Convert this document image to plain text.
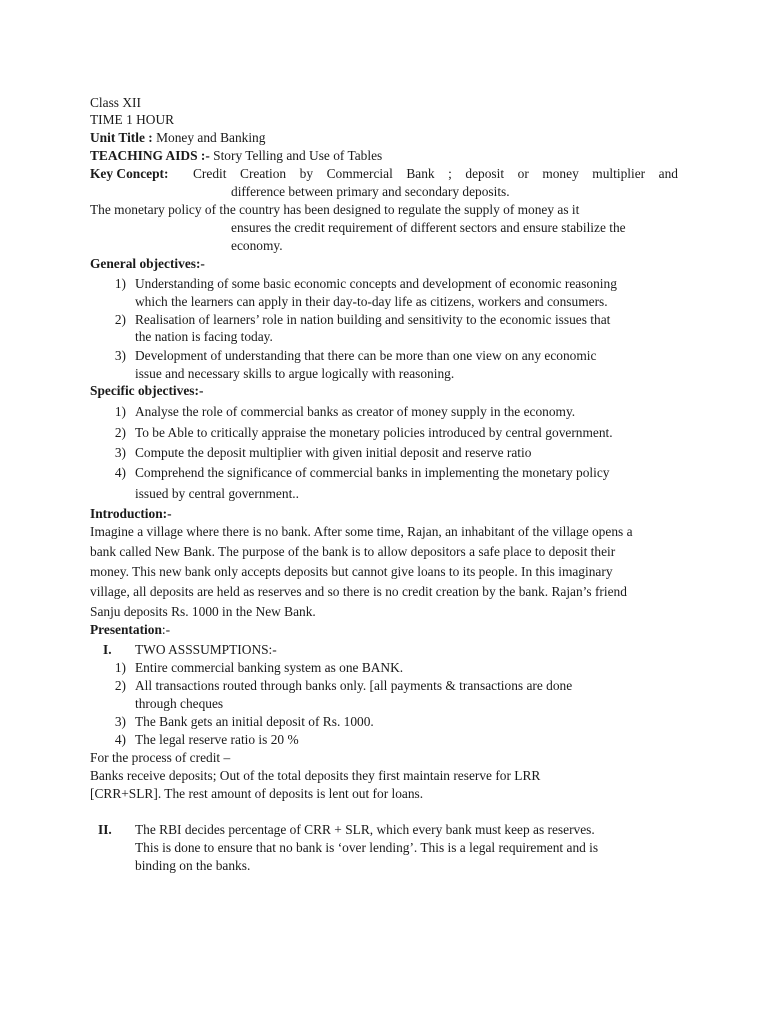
Class XII
TIME 1 HOUR
Unit Title : Money and Banking
TEACHING AIDS :- Story Telling and Use of Tables
Key Concept: Credit Creation by Commercial Bank ; deposit or money multiplier and
difference between primary and secondary deposits.
The monetary policy of the country has been designed to regulate the supply of money as it
ensures the credit requirement of different sectors and ensure stabilize the
economy.
General objectives:-
1) Understanding of some basic economic concepts and development of economic reasoning
which the learners can apply in their day-to-day life as citizens, workers and consumers.
2) Realisation of learners’ role in nation building and sensitivity to the economic issues that
the nation is facing today.
3) Development of understanding that there can be more than one view on any economic
issue and necessary skills to argue logically with reasoning.
Specific objectives:-
1) Analyse the role of commercial banks as creator of money supply in the economy.
2) To be Able to critically appraise the monetary policies introduced by central government.
3) Compute the deposit multiplier with given initial deposit and reserve ratio
4) Comprehend the significance of commercial banks in implementing the monetary policy
issued by central government..
Introduction:-
Imagine a village where there is no bank. After some time, Rajan, an inhabitant of the village opens a
bank called New Bank. The purpose of the bank is to allow depositors a safe place to deposit their
money. This new bank only accepts deposits but cannot give loans to its people. In this imaginary
village, all deposits are held as reserves and so there is no credit creation by the bank. Rajan’s friend
Sanju deposits Rs. 1000 in the New Bank.
Presentation:-
I. TWO ASSSUMPTIONS:-
1) Entire commercial banking system as one BANK.
2) All transactions routed through banks only. [all payments & transactions are done
through cheques
3) The Bank gets an initial deposit of Rs. 1000.
4) The legal reserve ratio is 20 %
For the process of credit –
Banks receive deposits; Out of the total deposits they first maintain reserve for LRR
[CRR+SLR]. The rest amount of deposits is lent out for loans.
II. The RBI decides percentage of CRR + SLR, which every bank must keep as reserves.
This is done to ensure that no bank is ‘over lending’. This is a legal requirement and is
binding on the banks.
